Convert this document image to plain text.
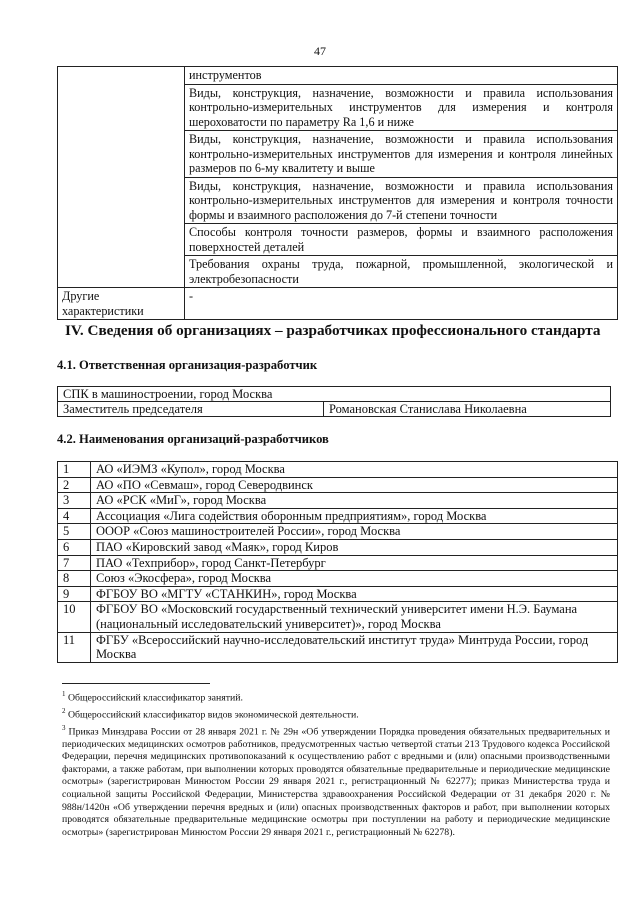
47
	инструментов
	Виды, конструкция, назначение, возможности и правила использования контрольно-измерительных инструментов для измерения и контроля шероховатости по параметру Ra 1,6 и ниже
	Виды, конструкция, назначение, возможности и правила использования контрольно-измерительных инструментов для измерения и контроля линейных размеров по 6-му квалитету и выше
	Виды, конструкция, назначение, возможности и правила использования контрольно-измерительных инструментов для измерения и контроля точности формы и взаимного расположения до 7-й степени точности
	Способы контроля точности размеров, формы и взаимного расположения поверхностей деталей
	Требования охраны труда, пожарной, промышленной, экологической и электробезопасности
Другие характеристики	-
IV. Сведения об организациях – разработчиках профессионального стандарта
4.1. Ответственная организация-разработчик
СПК в машиностроении, город Москва
Заместитель председателя	Романовская Станислава Николаевна
4.2. Наименования организаций-разработчиков
1	АО «ИЭМЗ «Купол», город Москва
2	АО «ПО «Севмаш», город Северодвинск
3	АО «РСК «МиГ», город Москва
4	Ассоциация «Лига содействия оборонным предприятиям», город Москва
5	ОООР «Союз машиностроителей России», город Москва
6	ПАО «Кировский завод «Маяк», город Киров
7	ПАО «Техприбор», город Санкт-Петербург
8	Союз «Экосфера», город Москва
9	ФГБОУ ВО «МГТУ «СТАНКИН», город Москва
10	ФГБОУ ВО «Московский государственный технический университет имени Н.Э. Баумана (национальный исследовательский университет)», город Москва
11	ФГБУ «Всероссийский научно-исследовательский институт труда» Минтруда России, город Москва

$^1$ Общероссийский классификатор занятий.

$^2$ Общероссийский классификатор видов экономической деятельности.

$^3$ Приказ Минздрава России от 28 января 2021 г. № 29н «Об утверждении Порядка проведения обязательных предварительных и периодических медицинских осмотров работников, предусмотренных частью четвертой статьи 213 Трудового кодекса Российской Федерации, перечня медицинских противопоказаний к осуществлению работ с вредными и (или) опасными производственными факторами, а также работам, при выполнении которых проводятся обязательные предварительные и периодические медицинские осмотры» (зарегистрирован Минюстом России 29 января 2021 г., регистрационный № 62277); приказ Министерства труда и социальной защиты Российской Федерации, Министерства здравоохранения Российской Федерации от 31 декабря 2020 г. № 988н/1420н «Об утверждении перечня вредных и (или) опасных производственных факторов и работ, при выполнении которых проводятся обязательные предварительные медицинские осмотры при поступлении на работу и периодические медицинские осмотры» (зарегистрирован Минюстом России 29 января 2021 г., регистрационный № 62278).
